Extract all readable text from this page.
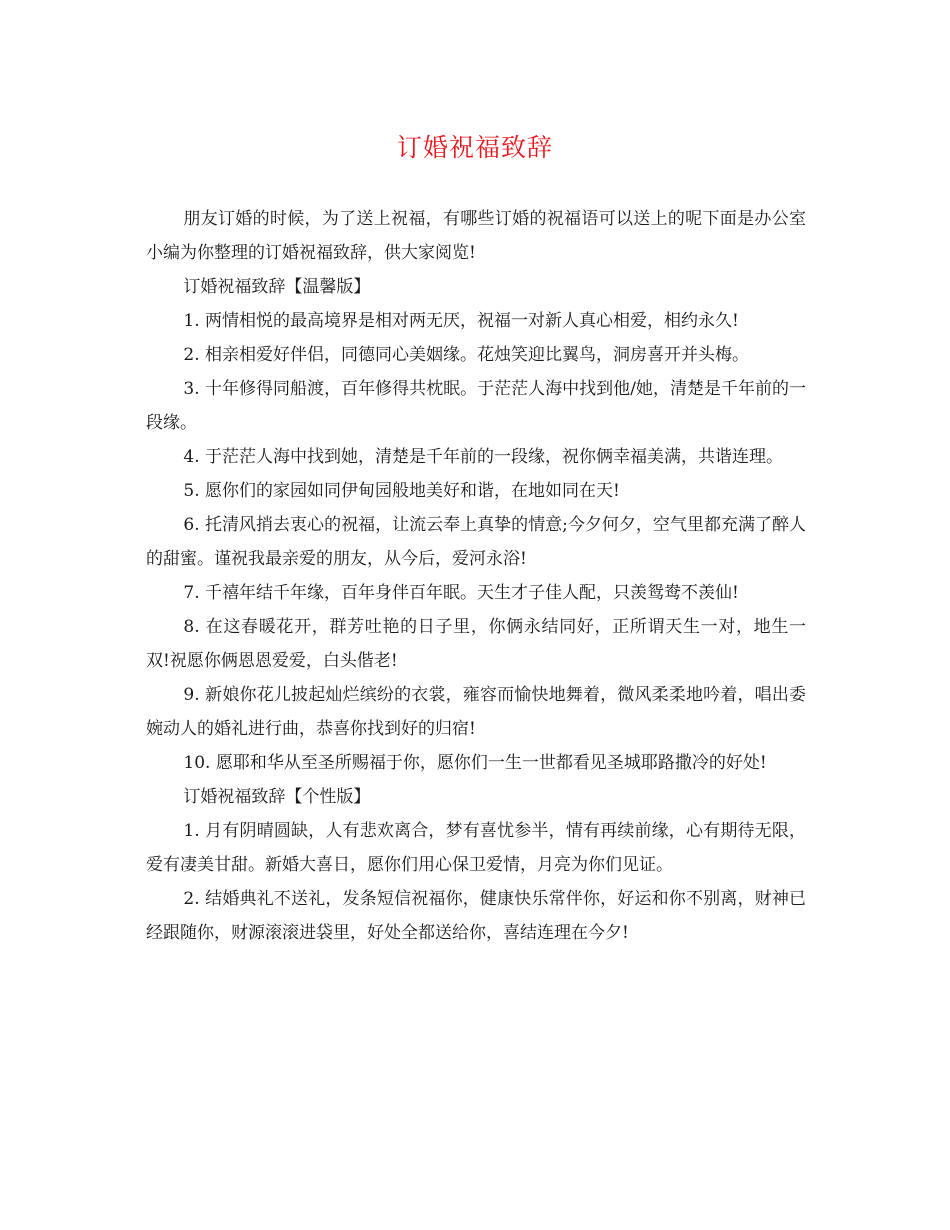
订婚祝福致辞

朋友订婚的时候，为了送上祝福，有哪些订婚的祝福语可以送上的呢下面是办公室小编为你整理的订婚祝福致辞，供大家阅览!

订婚祝福致辞【温馨版】

1. 两情相悦的最高境界是相对两无厌，祝福一对新人真心相爱，相约永久!

2. 相亲相爱好伴侣，同德同心美姻缘。花烛笑迎比翼鸟，洞房喜开并头梅。

3. 十年修得同船渡，百年修得共枕眠。于茫茫人海中找到他/她，清楚是千年前的一段缘。

4. 于茫茫人海中找到她，清楚是千年前的一段缘，祝你俩幸福美满，共谐连理。

5. 愿你们的家园如同伊甸园般地美好和谐，在地如同在天!

6. 托清风捎去衷心的祝福，让流云奉上真挚的情意;今夕何夕，空气里都充满了醉人的甜蜜。谨祝我最亲爱的朋友，从今后，爱河永浴!

7. 千禧年结千年缘，百年身伴百年眠。天生才子佳人配，只羡鸳鸯不羡仙!

8. 在这春暖花开，群芳吐艳的日子里，你俩永结同好，正所谓天生一对，地生一双!祝愿你俩恩恩爱爱，白头偕老!

9. 新娘你花儿披起灿烂缤纷的衣裳，雍容而愉快地舞着，微风柔柔地吟着，唱出委婉动人的婚礼进行曲，恭喜你找到好的归宿!

10. 愿耶和华从至圣所赐福于你，愿你们一生一世都看见圣城耶路撒冷的好处!

订婚祝福致辞【个性版】

1. 月有阴晴圆缺，人有悲欢离合，梦有喜忧参半，情有再续前缘，心有期待无限，爱有凄美甘甜。新婚大喜日，愿你们用心保卫爱情，月亮为你们见证。

2. 结婚典礼不送礼，发条短信祝福你，健康快乐常伴你，好运和你不别离，财神已经跟随你，财源滚滚进袋里，好处全都送给你，喜结连理在今夕!
